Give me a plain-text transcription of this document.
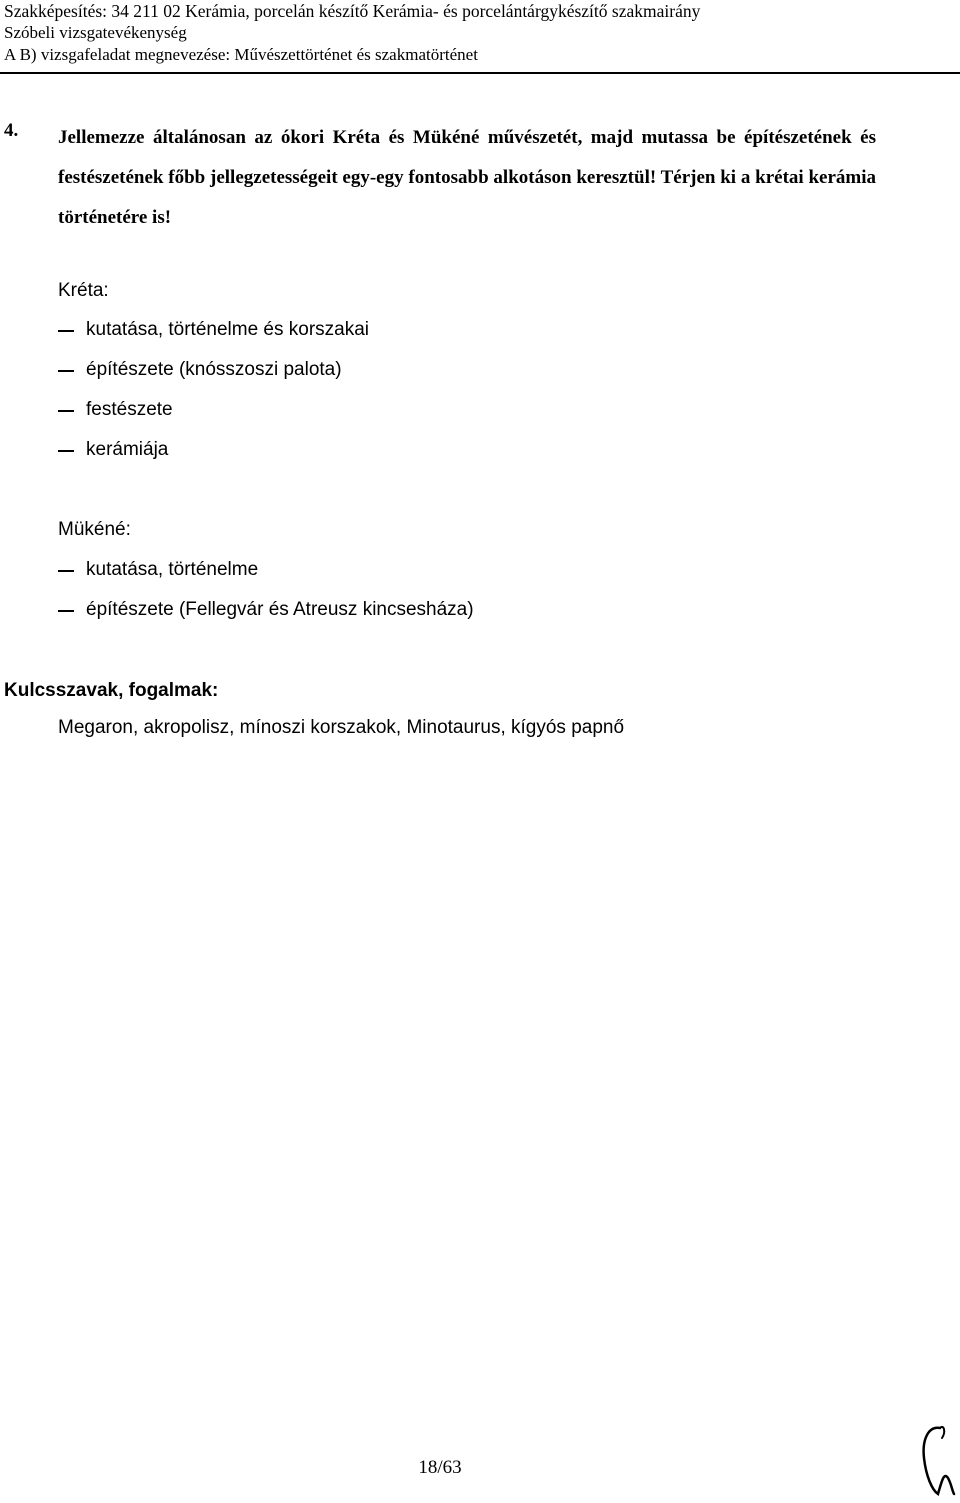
Szakképesítés: 34 211 02 Kerámia, porcelán készítő Kerámia- és porcelántárgykészítő szakmairány
Szóbeli vizsgatevékenység
A B) vizsgafeladat megnevezése: Művészettörténet és szakmatörténet
4. Jellemezze általánosan az ókori Kréta és Mükéné művészetét, majd mutassa be építészetének és festészetének főbb jellegzetességeit egy-egy fontosabb alkotáson keresztül! Térjen ki a krétai kerámia történetére is!
Kréta:
kutatása, történelme és korszakai
építészete (knósszoszi palota)
festészete
kerámiája
Mükéné:
kutatása, történelme
építészete (Fellegvár és Atreusz kincsesháza)
Kulcsszavak, fogalmak:
Megaron, akropolisz, mínoszi korszakok, Minotaurus, kígyós papnő
18/63
